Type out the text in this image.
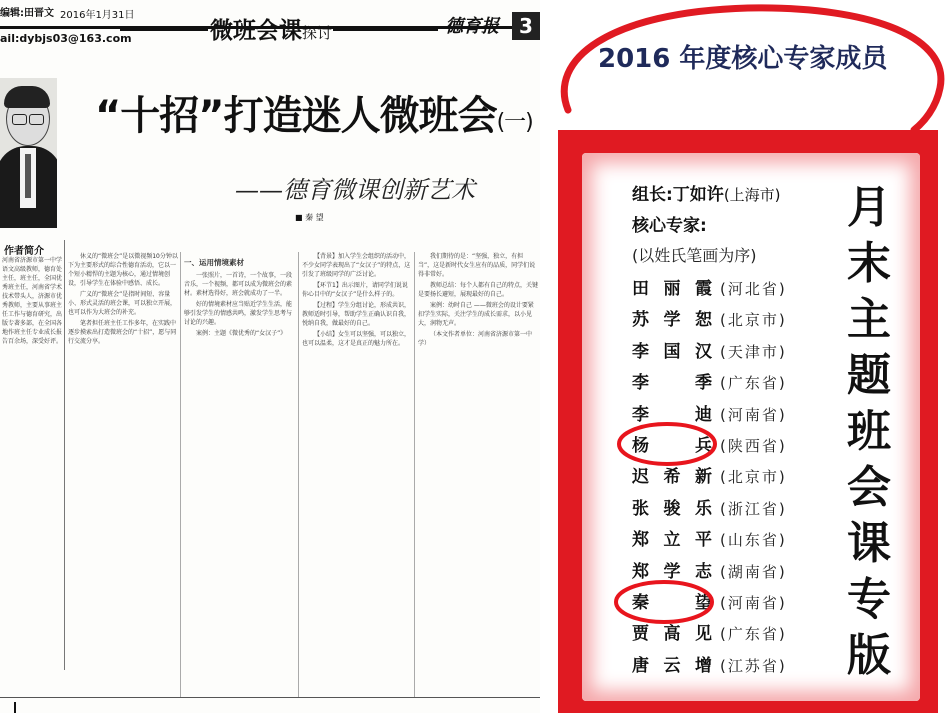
编辑:田晋文 2016年1月31日
ail:dybjs03@163.com	微班会课探讨	德育报	3
作者简介
河南省济源市第一中学语文高级教师，德育处主任，班主任，全国优秀班主任，河南省学术技术带头人，济源市优秀教师，主要从事班主任工作与德育研究，出版专著多部，在全国各地作班主任专业成长报告百余场，深受好评。
“十招”打造迷人微班会(一)
——德育微课创新艺术
■ 秦 望

休义的“微班会”是以微视频10分钟以下为主要形式的综合性德育活动，它以一个短小精悍的主题为核心，通过情境创设，引导学生在体验中感悟、成长。

广义的“微班会”是指时间短、容量小、形式灵活的班会课，可以独立开展，也可以作为大班会的补充。

笔者担任班主任工作多年，在实践中逐步摸索出打造微班会的“十招”，愿与同行交流分享。

一、运用情境素材

一张照片，一首诗，一个故事，一段音乐，一个视频，都可以成为微班会的素材。素材选得好，班会就成功了一半。

好的情境素材应当贴近学生生活，能够引发学生的情感共鸣，激发学生思考与讨论的兴趣。

案例：主题《微优秀的“女汉子”》

【背景】加入学生会组织的活动中，不少女同学表现出了“女汉子”的特点，这引发了班级同学的广泛讨论。

【环节1】出示图片，请同学们说说你心目中的“女汉子”是什么样子的。

【过程】学生分组讨论，形成共识，教师适时引导，帮助学生正确认识自我，悦纳自我，做最好的自己。

【小结】女生可以坚强，可以独立，也可以温柔，这才是真正的魅力所在。

我们期待的是：“坚强，独立，有担当”，这是新时代女生应有的品质，同学们说得非常好。

教师总结：每个人都有自己的特点，关键是要扬长避短，展现最好的自己。

案例：幼时自己 ——微班会的设计要紧扣学生实际，关注学生的成长需求，以小见大，润物无声。

（本文作者单位：河南省济源市第一中学）

2016 年度核心专家成员
组长:丁如许(上海市)
核心专家:
(以姓氏笔画为序)
田丽霞 (河北省)
苏学恕 (北京市)
李国汉 (天津市)
李 季 (广东省)
李 迪 (河南省)
杨 兵 (陕西省)
迟希新 (北京市)
张骏乐 (浙江省)
郑立平 (山东省)
郑学志 (湖南省)
秦 望 (河南省)
贾高见 (广东省)
唐云增 (江苏省)
月
末
主
题
班
会
课
专
版
